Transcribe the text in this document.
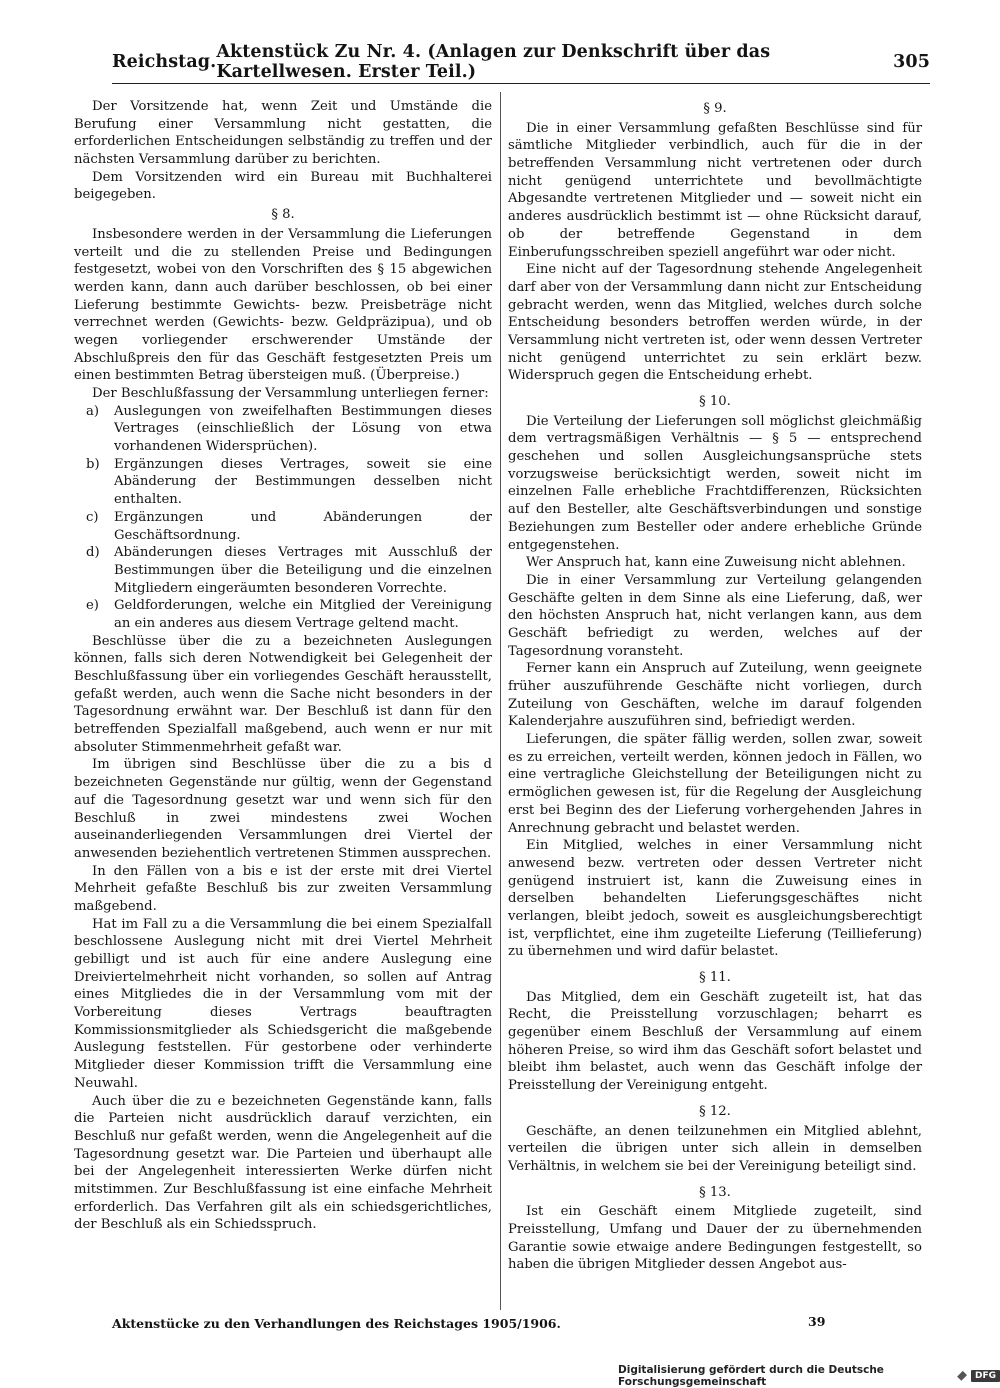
Reichstag. Aktenstück Zu Nr. 4. (Anlagen zur Denkschrift über das Kartellwesen. Erster Teil.)	305

Der Vorsitzende hat, wenn Zeit und Umstände die Berufung einer Versammlung nicht gestatten, die erforderlichen Entscheidungen selbständig zu treffen und der nächsten Versammlung darüber zu berichten.

Dem Vorsitzenden wird ein Bureau mit Buchhalterei beigegeben.

§ 8.

Insbesondere werden in der Versammlung die Lieferungen verteilt und die zu stellenden Preise und Bedingungen festgesetzt, wobei von den Vorschriften des § 15 abgewichen werden kann, dann auch darüber beschlossen, ob bei einer Lieferung bestimmte Gewichts- bezw. Preisbeträge nicht verrechnet werden (Gewichts- bezw. Geldpräzipua), und ob wegen vorliegender erschwerender Umstände der Abschlußpreis den für das Geschäft festgesetzten Preis um einen bestimmten Betrag übersteigen muß. (Überpreise.)

Der Beschlußfassung der Versammlung unterliegen ferner:

a)	Auslegungen von zweifelhaften Bestimmungen dieses Vertrages (einschließlich der Lösung von etwa vorhandenen Widersprüchen).
b)	Ergänzungen dieses Vertrages, soweit sie eine Abänderung der Bestimmungen desselben nicht enthalten.
c)	Ergänzungen und Abänderungen der Geschäftsordnung.
d)	Abänderungen dieses Vertrages mit Ausschluß der Bestimmungen über die Beteiligung und die einzelnen Mitgliedern eingeräumten besonderen Vorrechte.
e)	Geldforderungen, welche ein Mitglied der Vereinigung an ein anderes aus diesem Vertrage geltend macht.

Beschlüsse über die zu a bezeichneten Auslegungen können, falls sich deren Notwendigkeit bei Gelegenheit der Beschlußfassung über ein vorliegendes Geschäft herausstellt, gefaßt werden, auch wenn die Sache nicht besonders in der Tagesordnung erwähnt war. Der Beschluß ist dann für den betreffenden Spezialfall maßgebend, auch wenn er nur mit absoluter Stimmenmehrheit gefaßt war.

Im übrigen sind Beschlüsse über die zu a bis d bezeichneten Gegenstände nur gültig, wenn der Gegenstand auf die Tagesordnung gesetzt war und wenn sich für den Beschluß in zwei mindestens zwei Wochen auseinanderliegenden Versammlungen drei Viertel der anwesenden beziehentlich vertretenen Stimmen aussprechen.

In den Fällen von a bis e ist der erste mit drei Viertel Mehrheit gefaßte Beschluß bis zur zweiten Versammlung maßgebend.

Hat im Fall zu a die Versammlung die bei einem Spezialfall beschlossene Auslegung nicht mit drei Viertel Mehrheit gebilligt und ist auch für eine andere Auslegung eine Dreiviertelmehrheit nicht vorhanden, so sollen auf Antrag eines Mitgliedes die in der Versammlung vom mit der Vorbereitung dieses Vertrags beauftragten Kommissionsmitglieder als Schiedsgericht die maßgebende Auslegung feststellen. Für gestorbene oder verhinderte Mitglieder dieser Kommission trifft die Versammlung eine Neuwahl.

Auch über die zu e bezeichneten Gegenstände kann, falls die Parteien nicht ausdrücklich darauf verzichten, ein Beschluß nur gefaßt werden, wenn die Angelegenheit auf die Tagesordnung gesetzt war. Die Parteien und überhaupt alle bei der Angelegenheit interessierten Werke dürfen nicht mitstimmen. Zur Beschlußfassung ist eine einfache Mehrheit erforderlich. Das Verfahren gilt als ein schiedsgerichtliches, der Beschluß als ein Schiedsspruch.

§ 9.

Die in einer Versammlung gefaßten Beschlüsse sind für sämtliche Mitglieder verbindlich, auch für die in der betreffenden Versammlung nicht vertretenen oder durch nicht genügend unterrichtete und bevollmächtigte Abgesandte vertretenen Mitglieder und — soweit nicht ein anderes ausdrücklich bestimmt ist — ohne Rücksicht darauf, ob der betreffende Gegenstand in dem Einberufungsschreiben speziell angeführt war oder nicht.

Eine nicht auf der Tagesordnung stehende Angelegenheit darf aber von der Versammlung dann nicht zur Entscheidung gebracht werden, wenn das Mitglied, welches durch solche Entscheidung besonders betroffen werden würde, in der Versammlung nicht vertreten ist, oder wenn dessen Vertreter nicht genügend unterrichtet zu sein erklärt bezw. Widerspruch gegen die Entscheidung erhebt.

§ 10.

Die Verteilung der Lieferungen soll möglichst gleichmäßig dem vertragsmäßigen Verhältnis — § 5 — entsprechend geschehen und sollen Ausgleichungsansprüche stets vorzugsweise berücksichtigt werden, soweit nicht im einzelnen Falle erhebliche Frachtdifferenzen, Rücksichten auf den Besteller, alte Geschäftsverbindungen und sonstige Beziehungen zum Besteller oder andere erhebliche Gründe entgegenstehen.

Wer Anspruch hat, kann eine Zuweisung nicht ablehnen.

Die in einer Versammlung zur Verteilung gelangenden Geschäfte gelten in dem Sinne als eine Lieferung, daß, wer den höchsten Anspruch hat, nicht verlangen kann, aus dem Geschäft befriedigt zu werden, welches auf der Tagesordnung voransteht.

Ferner kann ein Anspruch auf Zuteilung, wenn geeignete früher auszuführende Geschäfte nicht vorliegen, durch Zuteilung von Geschäften, welche im darauf folgenden Kalenderjahre auszuführen sind, befriedigt werden.

Lieferungen, die später fällig werden, sollen zwar, soweit es zu erreichen, verteilt werden, können jedoch in Fällen, wo eine vertragliche Gleichstellung der Beteiligungen nicht zu ermöglichen gewesen ist, für die Regelung der Ausgleichung erst bei Beginn des der Lieferung vorhergehenden Jahres in Anrechnung gebracht und belastet werden.

Ein Mitglied, welches in einer Versammlung nicht anwesend bezw. vertreten oder dessen Vertreter nicht genügend instruiert ist, kann die Zuweisung eines in derselben behandelten Lieferungsgeschäftes nicht verlangen, bleibt jedoch, soweit es ausgleichungsberechtigt ist, verpflichtet, eine ihm zugeteilte Lieferung (Teillieferung) zu übernehmen und wird dafür belastet.

§ 11.

Das Mitglied, dem ein Geschäft zugeteilt ist, hat das Recht, die Preisstellung vorzuschlagen; beharrt es gegenüber einem Beschluß der Versammlung auf einem höheren Preise, so wird ihm das Geschäft sofort belastet und bleibt ihm belastet, auch wenn das Geschäft infolge der Preisstellung der Vereinigung entgeht.

§ 12.

Geschäfte, an denen teilzunehmen ein Mitglied ablehnt, verteilen die übrigen unter sich allein in demselben Verhältnis, in welchem sie bei der Vereinigung beteiligt sind.

§ 13.

Ist ein Geschäft einem Mitgliede zugeteilt, sind Preisstellung, Umfang und Dauer der zu übernehmenden Garantie sowie etwaige andere Bedingungen festgestellt, so haben die übrigen Mitglieder dessen Angebot aus-

Aktenstücke zu den Verhandlungen des Reichstages 1905/1906.	39
Digitalisierung gefördert durch die Deutsche Forschungsgemeinschaft	DFG
